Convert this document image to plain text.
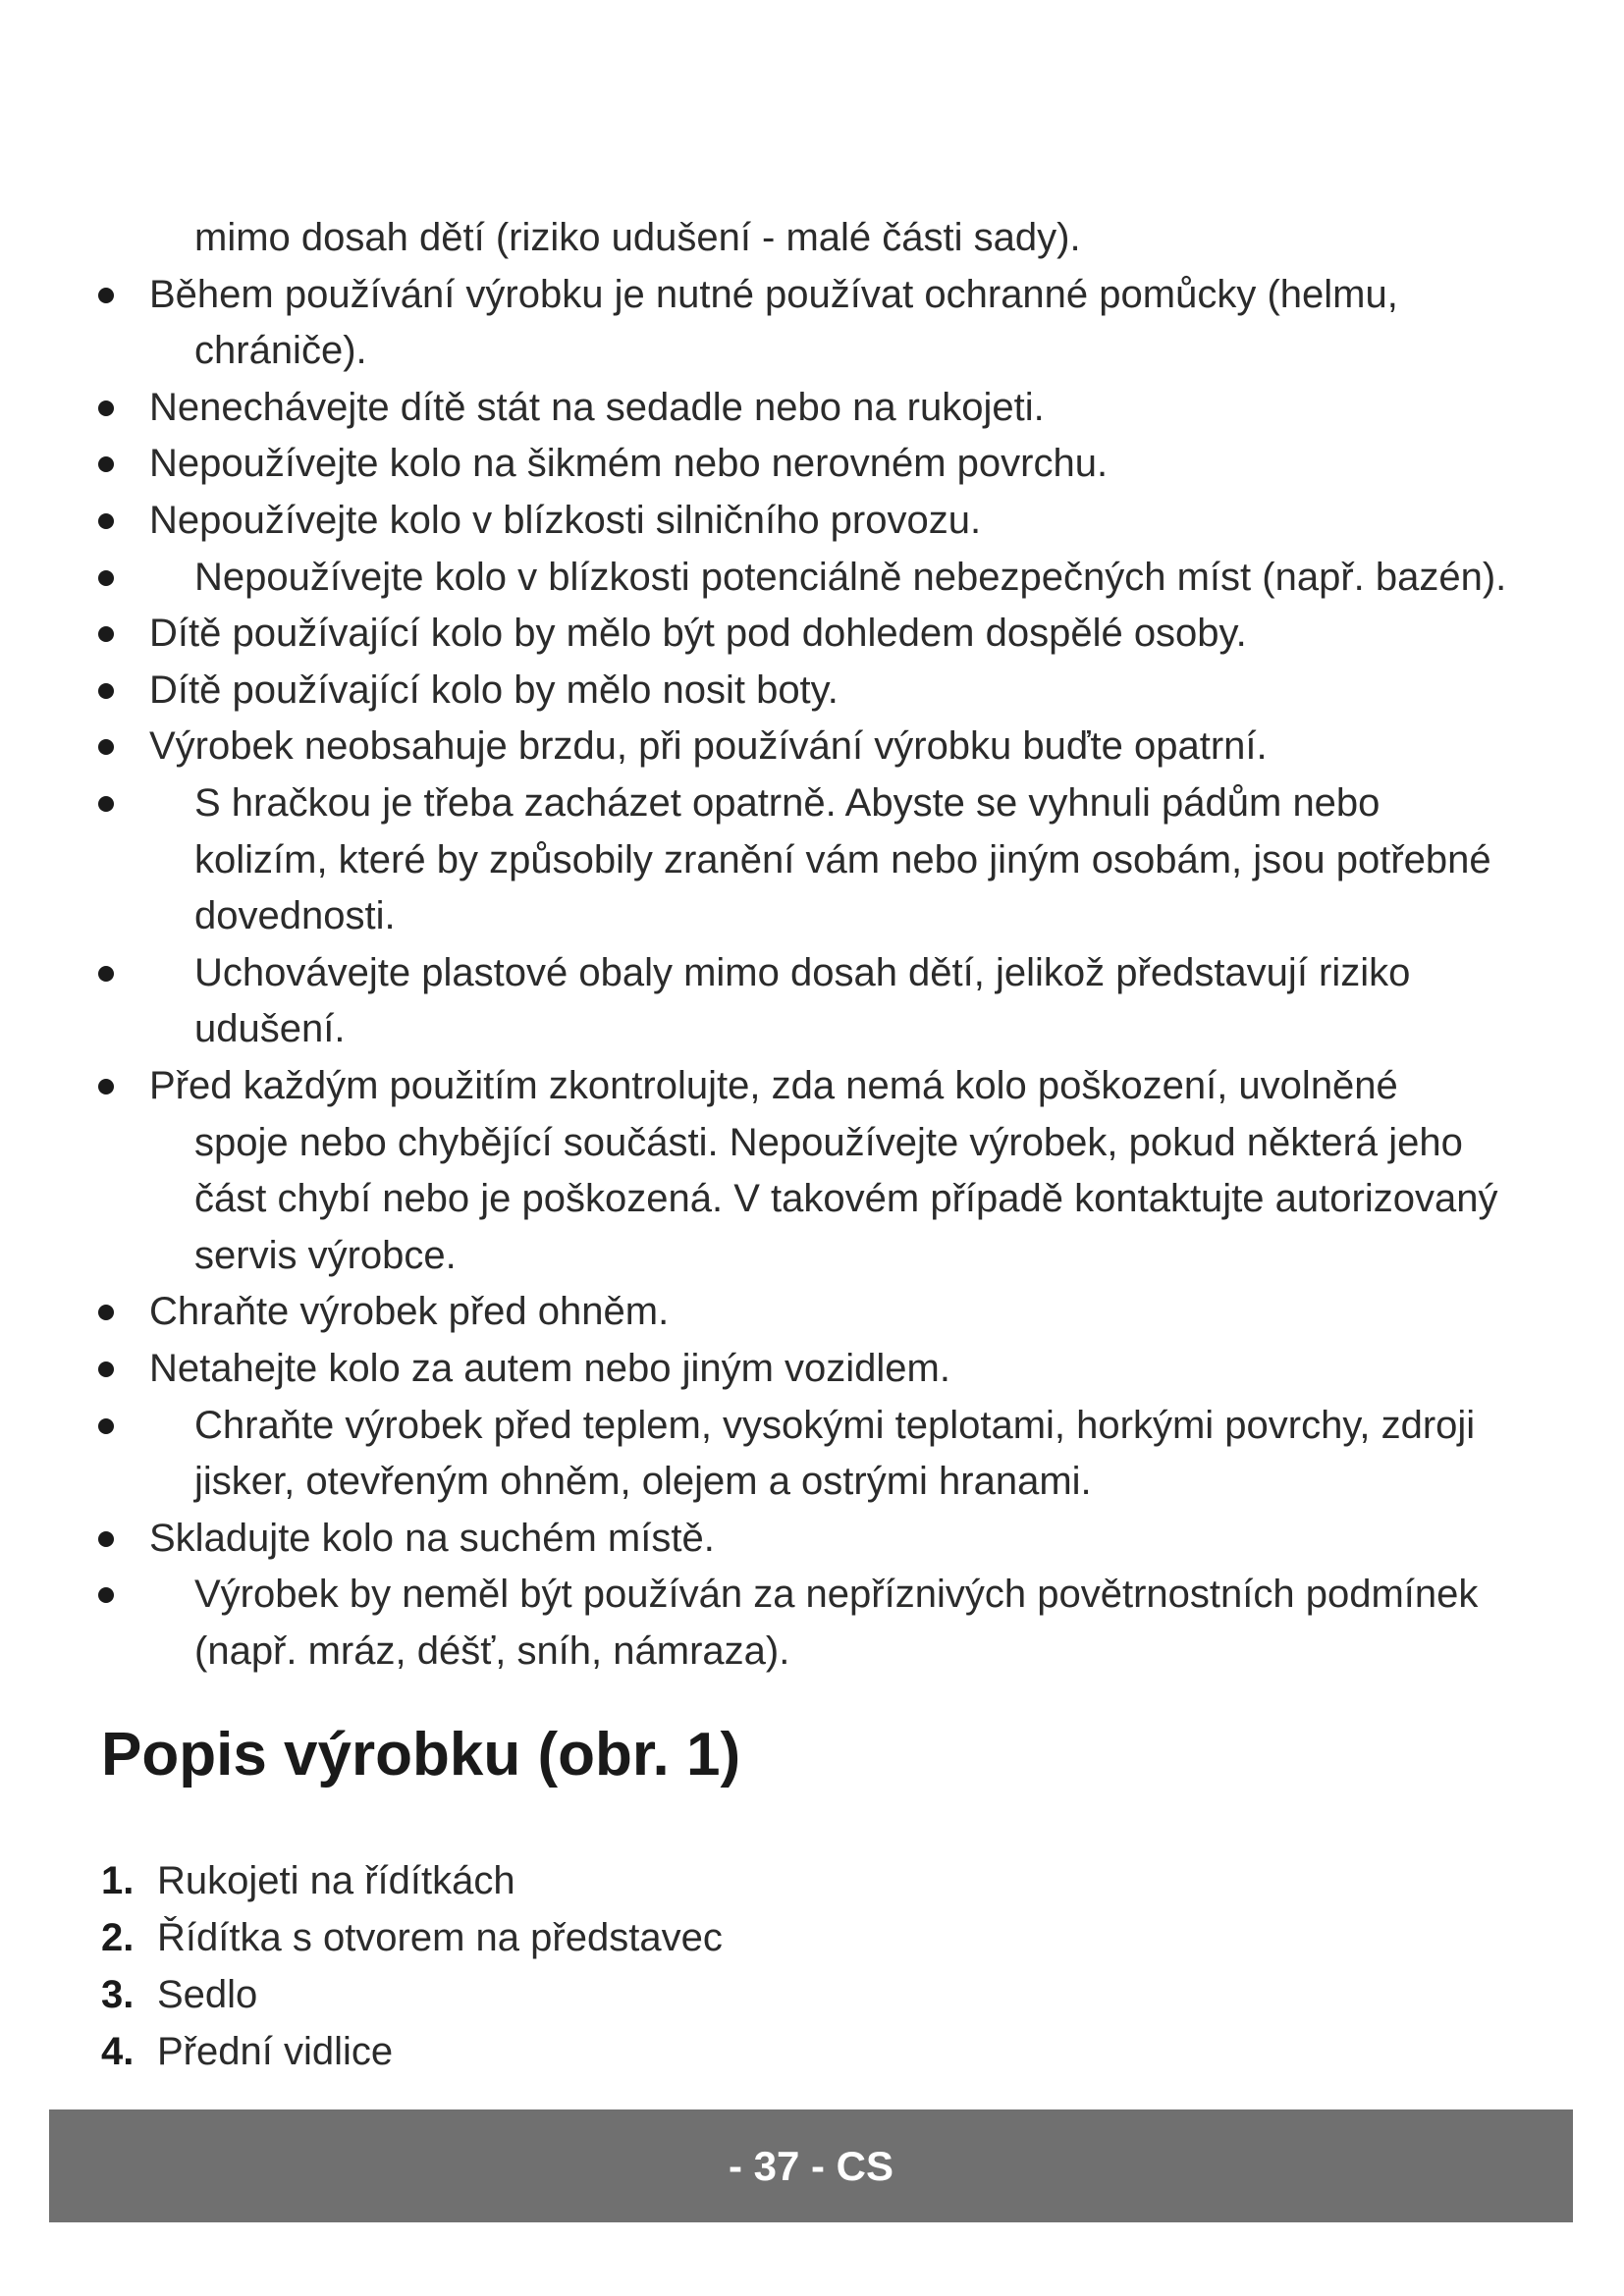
mimo dosah dětí (riziko udušení - malé části sady).
Během používání výrobku je nutné používat ochranné pomůcky (helmu,
chrániče).
Nenechávejte dítě stát na sedadle nebo na rukojeti.
Nepoužívejte kolo na šikmém nebo nerovném povrchu.
Nepoužívejte kolo v blízkosti silničního provozu.
Nepoužívejte kolo v blízkosti potenciálně nebezpečných míst (např. bazén).
Dítě používající kolo by mělo být pod dohledem dospělé osoby.
Dítě používající kolo by mělo nosit boty.
Výrobek neobsahuje brzdu, při používání výrobku buďte opatrní.
S hračkou je třeba zacházet opatrně. Abyste se vyhnuli pádům nebo
kolizím, které by způsobily zranění vám nebo jiným osobám, jsou potřebné
dovednosti.
Uchovávejte plastové obaly mimo dosah dětí, jelikož představují riziko
udušení.
Před každým použitím zkontrolujte, zda nemá kolo poškození, uvolněné
spoje nebo chybějící součásti. Nepoužívejte výrobek, pokud některá jeho
část chybí nebo je poškozená. V takovém případě kontaktujte autorizovaný
servis výrobce.
Chraňte výrobek před ohněm.
Netahejte kolo za autem nebo jiným vozidlem.
Chraňte výrobek před teplem, vysokými teplotami, horkými povrchy, zdroji
jisker, otevřeným ohněm, olejem a ostrými hranami.
Skladujte kolo na suchém místě.
Výrobek by neměl být používán za nepříznivých povětrnostních podmínek
(např. mráz, déšť, sníh, námraza).
Popis výrobku (obr. 1)
1. Rukojeti na řídítkách
2. Řídítka s otvorem na představec
3. Sedlo
4. Přední vidlice
- 37 - CS
